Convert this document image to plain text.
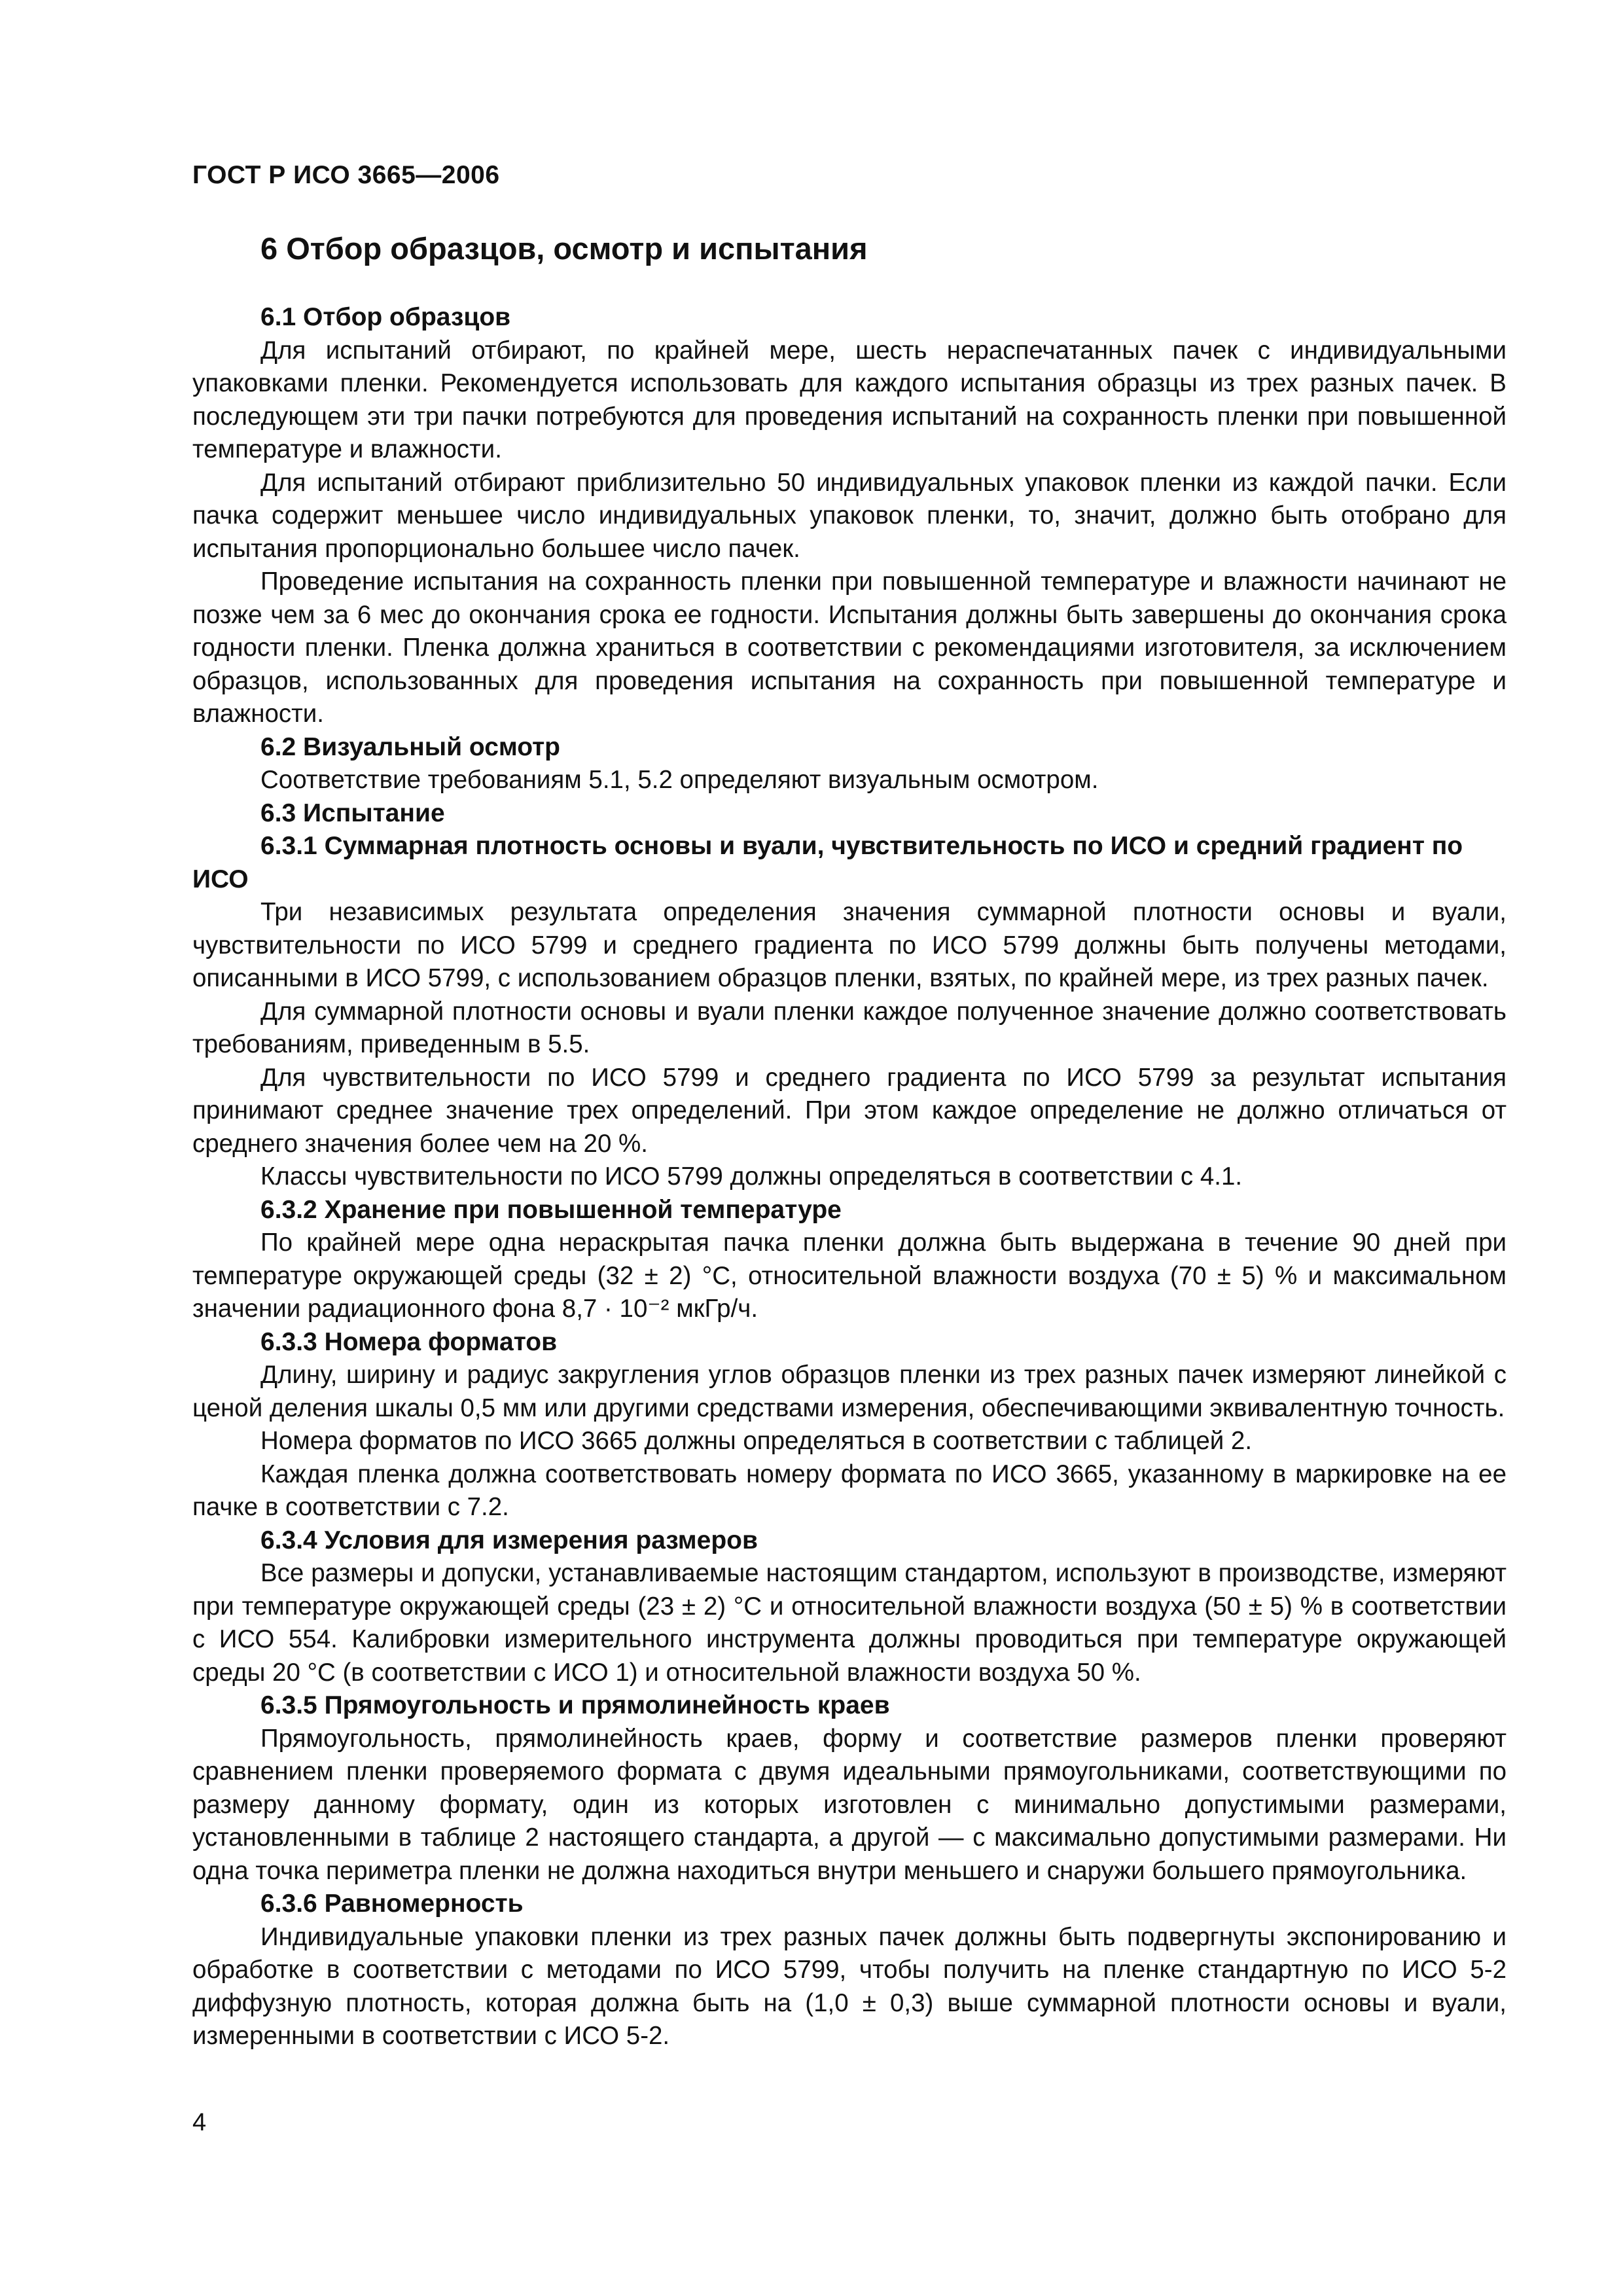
ГОСТ Р ИСО 3665—2006
6 Отбор образцов, осмотр и испытания
6.1 Отбор образцов

Для испытаний отбирают, по крайней мере, шесть нераспечатанных пачек с индивидуальными упаковками пленки. Рекомендуется использовать для каждого испытания образцы из трех разных пачек. В последующем эти три пачки потребуются для проведения испытаний на сохранность пленки при повышенной температуре и влажности.

Для испытаний отбирают приблизительно 50 индивидуальных упаковок пленки из каждой пачки. Если пачка содержит меньшее число индивидуальных упаковок пленки, то, значит, должно быть отобрано для испытания пропорционально большее число пачек.

Проведение испытания на сохранность пленки при повышенной температуре и влажности начинают не позже чем за 6 мес до окончания срока ее годности. Испытания должны быть завершены до окончания срока годности пленки. Пленка должна храниться в соответствии с рекомендациями изготовителя, за исключением образцов, использованных для проведения испытания на сохранность при повышенной температуре и влажности.

6.2 Визуальный осмотр

Соответствие требованиям 5.1, 5.2 определяют визуальным осмотром.

6.3 Испытание
6.3.1 Суммарная плотность основы и вуали, чувствительность по ИСО и средний градиент по ИСО

Три независимых результата определения значения суммарной плотности основы и вуали, чувствительности по ИСО 5799 и среднего градиента по ИСО 5799 должны быть получены методами, описанными в ИСО 5799, с использованием образцов пленки, взятых, по крайней мере, из трех разных пачек.

Для суммарной плотности основы и вуали пленки каждое полученное значение должно соответствовать требованиям, приведенным в 5.5.

Для чувствительности по ИСО 5799 и среднего градиента по ИСО 5799 за результат испытания принимают среднее значение трех определений. При этом каждое определение не должно отличаться от среднего значения более чем на 20 %.

Классы чувствительности по ИСО 5799 должны определяться в соответствии с 4.1.

6.3.2 Хранение при повышенной температуре

По крайней мере одна нераскрытая пачка пленки должна быть выдержана в течение 90 дней при температуре окружающей среды (32 ± 2) °С, относительной влажности воздуха (70 ± 5) % и максимальном значении радиационного фона 8,7 · 10⁻² мкГр/ч.

6.3.3 Номера форматов

Длину, ширину и радиус закругления углов образцов пленки из трех разных пачек измеряют линейкой с ценой деления шкалы 0,5 мм или другими средствами измерения, обеспечивающими эквивалентную точность.

Номера форматов по ИСО 3665 должны определяться в соответствии с таблицей 2.

Каждая пленка должна соответствовать номеру формата по ИСО 3665, указанному в маркировке на ее пачке в соответствии с 7.2.

6.3.4 Условия для измерения размеров

Все размеры и допуски, устанавливаемые настоящим стандартом, используют в производстве, измеряют при температуре окружающей среды (23 ± 2) °С и относительной влажности воздуха (50 ± 5) % в соответствии с ИСО 554. Калибровки измерительного инструмента должны проводиться при температуре окружающей среды 20 °С (в соответствии с ИСО 1) и относительной влажности воздуха 50 %.

6.3.5 Прямоугольность и прямолинейность краев

Прямоугольность, прямолинейность краев, форму и соответствие размеров пленки проверяют сравнением пленки проверяемого формата с двумя идеальными прямоугольниками, соответствующими по размеру данному формату, один из которых изготовлен с минимально допустимыми размерами, установленными в таблице 2 настоящего стандарта, а другой — с максимально допустимыми размерами. Ни одна точка периметра пленки не должна находиться внутри меньшего и снаружи большего прямоугольника.

6.3.6 Равномерность

Индивидуальные упаковки пленки из трех разных пачек должны быть подвергнуты экспонированию и обработке в соответствии с методами по ИСО 5799, чтобы получить на пленке стандартную по ИСО 5-2 диффузную плотность, которая должна быть на (1,0 ± 0,3) выше суммарной плотности основы и вуали, измеренными в соответствии с ИСО 5-2.

4
